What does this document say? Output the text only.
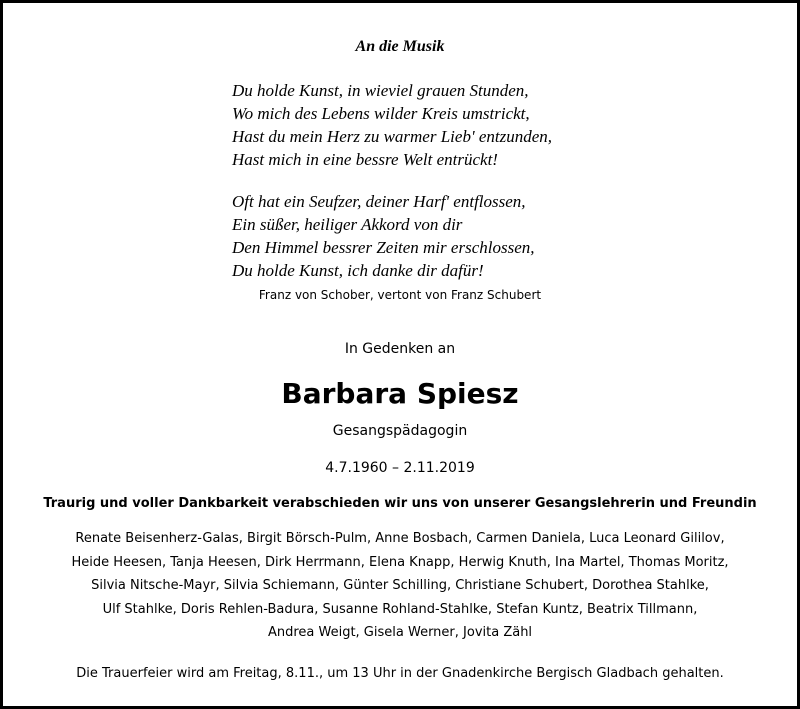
An die Musik
Du holde Kunst, in wieviel grauen Stunden,
Wo mich des Lebens wilder Kreis umstrickt,
Hast du mein Herz zu warmer Lieb' entzunden,
Hast mich in eine bessre Welt entrückt!
Oft hat ein Seufzer, deiner Harf' entflossen,
Ein süßer, heiliger Akkord von dir
Den Himmel bessrer Zeiten mir erschlossen,
Du holde Kunst, ich danke dir dafür!
Franz von Schober, vertont von Franz Schubert
In Gedenken an
Barbara Spiesz
Gesangspädagogin
4.7.1960 – 2.11.2019
Traurig und voller Dankbarkeit verabschieden wir uns von unserer Gesangslehrerin und Freundin
Renate Beisenherz-Galas, Birgit Börsch-Pulm, Anne Bosbach, Carmen Daniela, Luca Leonard Gililov,
Heide Heesen, Tanja Heesen, Dirk Herrmann, Elena Knapp, Herwig Knuth, Ina Martel, Thomas Moritz,
Silvia Nitsche-Mayr, Silvia Schiemann, Günter Schilling, Christiane Schubert, Dorothea Stahlke,
Ulf Stahlke, Doris Rehlen-Badura, Susanne Rohland-Stahlke, Stefan Kuntz, Beatrix Tillmann,
Andrea Weigt, Gisela Werner, Jovita Zähl
Die Trauerfeier wird am Freitag, 8.11., um 13 Uhr in der Gnadenkirche Bergisch Gladbach gehalten.
